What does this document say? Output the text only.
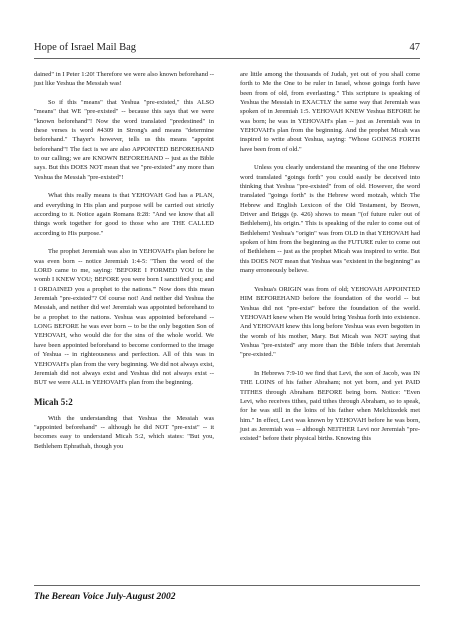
Hope of Israel Mail Bag	47

dained" in I Peter 1:20! Therefore we were also known beforehand -- just like Yeshua the Messiah was!

So if this "means" that Yeshua "pre-existed," this ALSO "means" that WE "pre-existed" -- because this says that we were "known beforehand"! Now the word translated "predestined" in these verses is word #4309 in Strong's and means "determine beforehand." Thayer's however, tells us this means "appoint beforehand"! The fact is we are also APPOINTED BEFOREHAND to our calling; we are KNOWN BEFOREHAND -- just as the Bible says. But this DOES NOT mean that we "pre-existed" any more than Yeshua the Messiah "pre-existed"!

What this really means is that YEHOVAH God has a PLAN, and everything in His plan and purpose will be carried out strictly according to it. Notice again Romans 8:28: "And we know that all things work together for good to those who are THE CALLED according to His purpose."

The prophet Jeremiah was also in YEHOVAH's plan before he was even born -- notice Jeremiah 1:4-5: "Then the word of the LORD came to me, saying: 'BEFORE I FORMED YOU in the womb I KNEW YOU; BEFORE you were born I sanctified you; and I ORDAINED you a prophet to the nations.'" Now does this mean Jeremiah "pre-existed"? Of course not! And neither did Yeshua the Messiah, and neither did we! Jeremiah was appointed beforehand to be a prophet to the nations. Yeshua was appointed beforehand -- LONG BEFORE he was ever born -- to be the only begotten Son of YEHOVAH, who would die for the sins of the whole world. We have been appointed beforehand to become conformed to the image of Yeshua -- in righteousness and perfection. All of this was in YEHOVAH's plan from the very beginning. We did not always exist, Jeremiah did not always exist and Yeshua did not always exist -- BUT we were ALL in YEHOVAH's plan from the beginning.

Micah 5:2

With the understanding that Yeshua the Messiah was "appointed beforehand" -- although he did NOT "pre-exist" -- it becomes easy to understand Micah 5:2, which states: "But you, Bethlehem Ephrathah, though you

are little among the thousands of Judah, yet out of you shall come forth to Me the One to be ruler in Israel, whose goings forth have been from of old, from everlasting." This scripture is speaking of Yeshua the Messiah in EXACTLY the same way that Jeremiah was spoken of in Jeremiah 1:5. YEHOVAH KNEW Yeshua BEFORE he was born; he was in YEHOVAH's plan -- just as Jeremiah was in YEHOVAH's plan from the beginning. And the prophet Micah was inspired to write about Yeshua, saying: "Whose GOINGS FORTH have been from of old."

Unless you clearly understand the meaning of the one Hebrew word translated "goings forth" you could easily be deceived into thinking that Yeshua "pre-existed" from of old. However, the word translated "goings forth" is the Hebrew word motzah, which The Hebrew and English Lexicon of the Old Testament, by Brown, Driver and Briggs (p. 426) shows to mean "(of future ruler out of Bethlehem), his origin." This is speaking of the ruler to come out of Bethlehem! Yeshua's "origin" was from OLD in that YEHOVAH had spoken of him from the beginning as the FUTURE ruler to come out of Bethlehem -- just as the prophet Micah was inspired to write. But this DOES NOT mean that Yeshua was "existent in the beginning" as many erroneously believe.

Yeshua's ORIGIN was from of old; YEHOVAH APPOINTED HIM BEFOREHAND before the foundation of the world -- but Yeshua did not "pre-exist" before the foundation of the world. YEHOVAH knew when He would bring Yeshua forth into existence. And YEHOVAH knew this long before Yeshua was even begotten in the womb of his mother, Mary. But Micah was NOT saying that Yeshua "pre-existed" any more than the Bible infers that Jeremiah "pre-existed."

In Hebrews 7:9-10 we find that Levi, the son of Jacob, was IN THE LOINS of his father Abraham; not yet born, and yet PAID TITHES through Abraham BEFORE being born. Notice: "Even Levi, who receives tithes, paid tithes through Abraham, so to speak, for he was still in the loins of his father when Melchizedek met him." In effect, Levi was known by YEHOVAH before he was born, just as Jeremiah was -- although NEITHER Levi nor Jeremiah "pre-existed" before their physical births. Knowing this

The Berean Voice July-August 2002
